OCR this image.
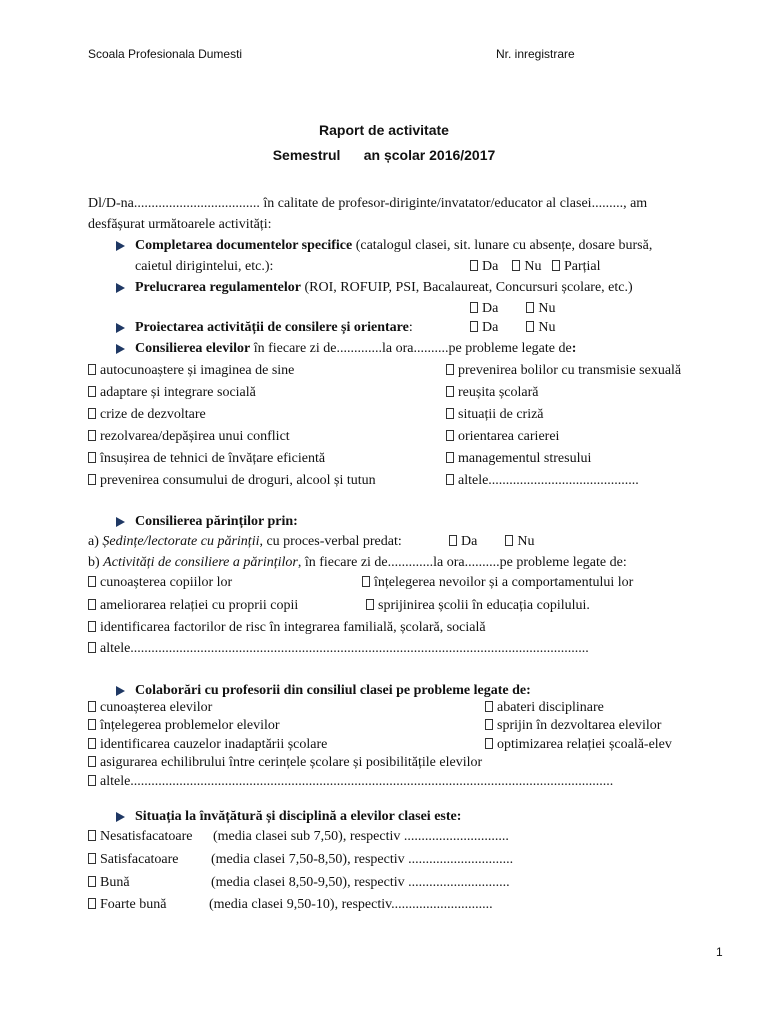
Scoala Profesionala Dumesti	Nr. inregistrare
Raport de activitate
Semestrul an școlar 2016/2017
Dl/D-na.................................... în calitate de profesor-diriginte/invatator/educator al clasei........., am
desfășurat următoarele activități:
Completarea documentelor specifice (catalogul clasei, sit. lunare cu absențe, dosare bursă,
caietul dirigintelui, etc.):	Da Nu Parțial
Prelucrarea regulamentelor (ROI, ROFUIP, PSI, Bacalaureat, Concursuri școlare, etc.)
Da	Nu
Proiectarea activității de consilere și orientare:	Da	Nu
Consilierea elevilor în fiecare zi de.............la ora..........pe probleme legate de:
autocunoaștere și imaginea de sine	prevenirea bolilor cu transmisie sexuală
adaptare și integrare socială	reușita școlară
crize de dezvoltare	situații de criză
rezolvarea/depășirea unui conflict	orientarea carierei
însușirea de tehnici de învățare eficientă	managementul stresului
prevenirea consumului de droguri, alcool și tutun	altele...........................................
Consilierea părinților prin:
a) Ședințe/lectorate cu părinții, cu proces-verbal predat:	Da	Nu
b) Activități de consiliere a părinților, în fiecare zi de.............la ora..........pe probleme legate de:
cunoașterea copiilor lor	înțelegerea nevoilor și a comportamentului lor
ameliorarea relației cu proprii copii	sprijinirea școlii în educația copilului.
identificarea factorilor de risc în integrarea familială, școlară, socială
altele...................................................................................................................................
Colaborări cu profesorii din consiliul clasei pe probleme legate de:
cunoașterea elevilor	abateri disciplinare
înțelegerea problemelor elevilor	sprijin în dezvoltarea elevilor
identificarea cauzelor inadaptării școlare	optimizarea relației școală-elev
asigurarea echilibrului între cerințele școlare și posibilitățile elevilor
altele..........................................................................................................................................
Situația la învățătură și disciplină a elevilor clasei este:
Nesatisfacatoare (media clasei sub 7,50), respectiv ..............................
Satisfacatoare (media clasei 7,50-8,50), respectiv ..............................
Bună	(media clasei 8,50-9,50), respectiv .............................
Foarte bună	(media clasei 9,50-10), respectiv.............................
1
